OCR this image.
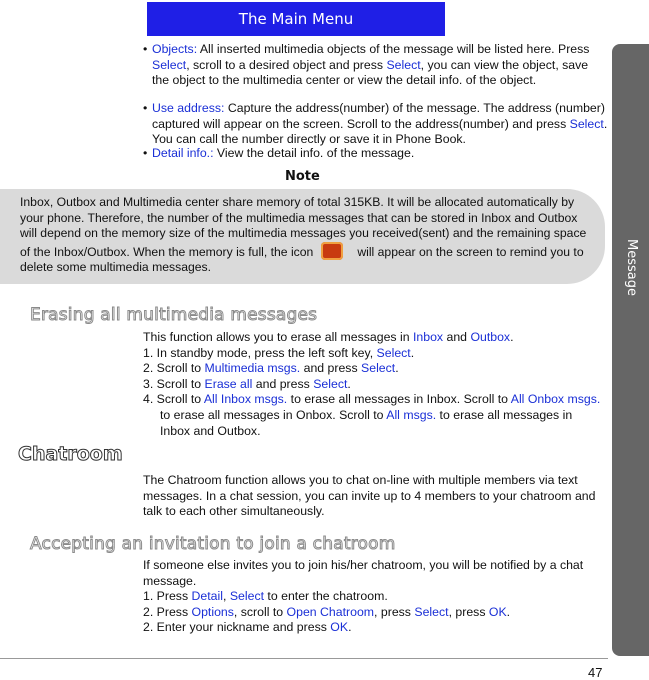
The Main Menu
Message
• Objects: All inserted multimedia objects of the message will be listed here. Press Select, scroll to a desired object and press Select, you can view the object, save the object to the multimedia center or view the detail info. of the object.
• Use address: Capture the address(number) of the message. The address (number) captured will appear on the screen. Scroll to the address(number) and press Select. You can call the number directly or save it in Phone Book.
• Detail info.: View the detail info. of the message.
Note
Inbox, Outbox and Multimedia center share memory of total 315KB. It will be allocated automatically by your phone. Therefore, the number of the multimedia messages that can be stored in Inbox and Outbox will depend on the memory size of the multimedia messages you received(sent) and the remaining space of the Inbox/Outbox. When the memory is full, the icon	will appear on the screen to remind you to delete some multimedia messages.
Erasing all multimedia messages

This function allows you to erase all messages in Inbox and Outbox.

1. In standby mode, press the left soft key, Select.

2. Scroll to Multimedia msgs. and press Select.

3. Scroll to Erase all and press Select.

4. Scroll to All Inbox msgs. to erase all messages in Inbox. Scroll to All Onbox msgs. to erase all messages in Onbox. Scroll to All msgs. to erase all messages in Inbox and Outbox.

Chatroom

The Chatroom function allows you to chat on-line with multiple members via text messages. In a chat session, you can invite up to 4 members to your chatroom and talk to each other simultaneously.

Accepting an invitation to join a chatroom

If someone else invites you to join his/her chatroom, you will be notified by a chat message.

1. Press Detail, Select to enter the chatroom.

2. Press Options, scroll to Open Chatroom, press Select, press OK.

2. Enter your nickname and press OK.

47
